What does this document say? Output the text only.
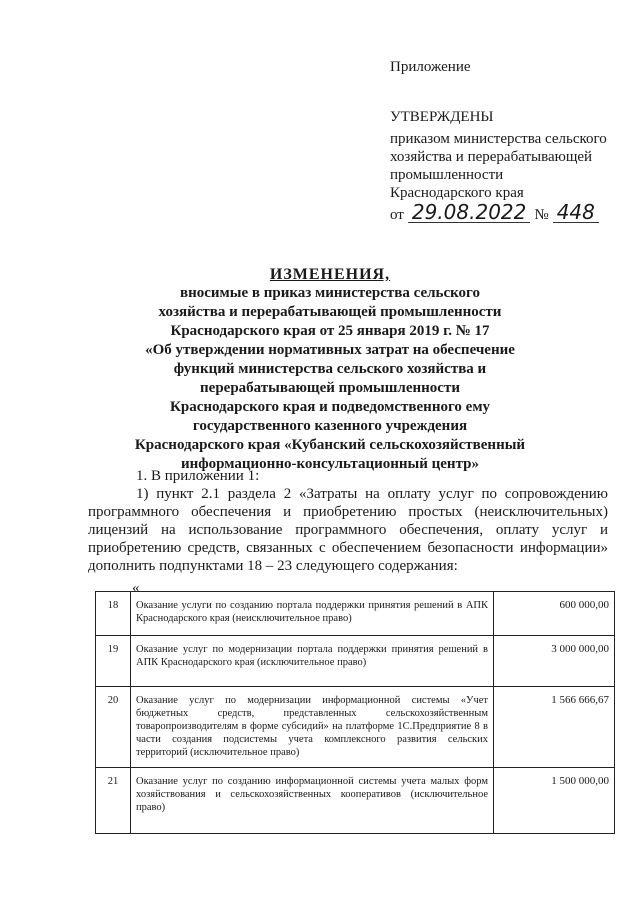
Приложение
УТВЕРЖДЕНЫ
приказом министерства сельского
хозяйства и перерабатывающей
промышленности
Краснодарского края
от 29.08.2022 № 448
ИЗМЕНЕНИЯ,
вносимые в приказ министерства сельского
хозяйства и перерабатывающей промышленности
Краснодарского края от 25 января 2019 г. № 17
«Об утверждении нормативных затрат на обеспечение
функций министерства сельского хозяйства и
перерабатывающей промышленности
Краснодарского края и подведомственного ему
государственного казенного учреждения
Краснодарского края «Кубанский сельскохозяйственный
информационно-консультационный центр»

1. В приложении 1:

1) пункт 2.1 раздела 2 «Затраты на оплату услуг по сопровождению программного обеспечения и приобретению простых (неисключительных) лицензий на использование программного обеспечения, оплату услуг и приобретению средств, связанных с обеспечением безопасности информации» дополнить подпунктами 18 – 23 следующего содержания:

«
18	Оказание услуги по созданию портала поддержки принятия решений в АПК Краснодарского края (неисключительное право)	600 000,00
19	Оказание услуг по модернизации портала поддержки принятия решений в АПК Краснодарского края (исключительное право)	3 000 000,00
20	Оказание услуг по модернизации информационной системы «Учет бюджетных средств, представленных сельскохозяйственным товаропроизводителям в форме субсидий» на платформе 1С.Предприятие 8 в части создания подсистемы учета комплексного развития сельских территорий (исключительное право)	1 566 666,67
21	Оказание услуг по созданию информационной системы учета малых форм хозяйствования и сельскохозяйственных кооперативов (исключительное право)	1 500 000,00
